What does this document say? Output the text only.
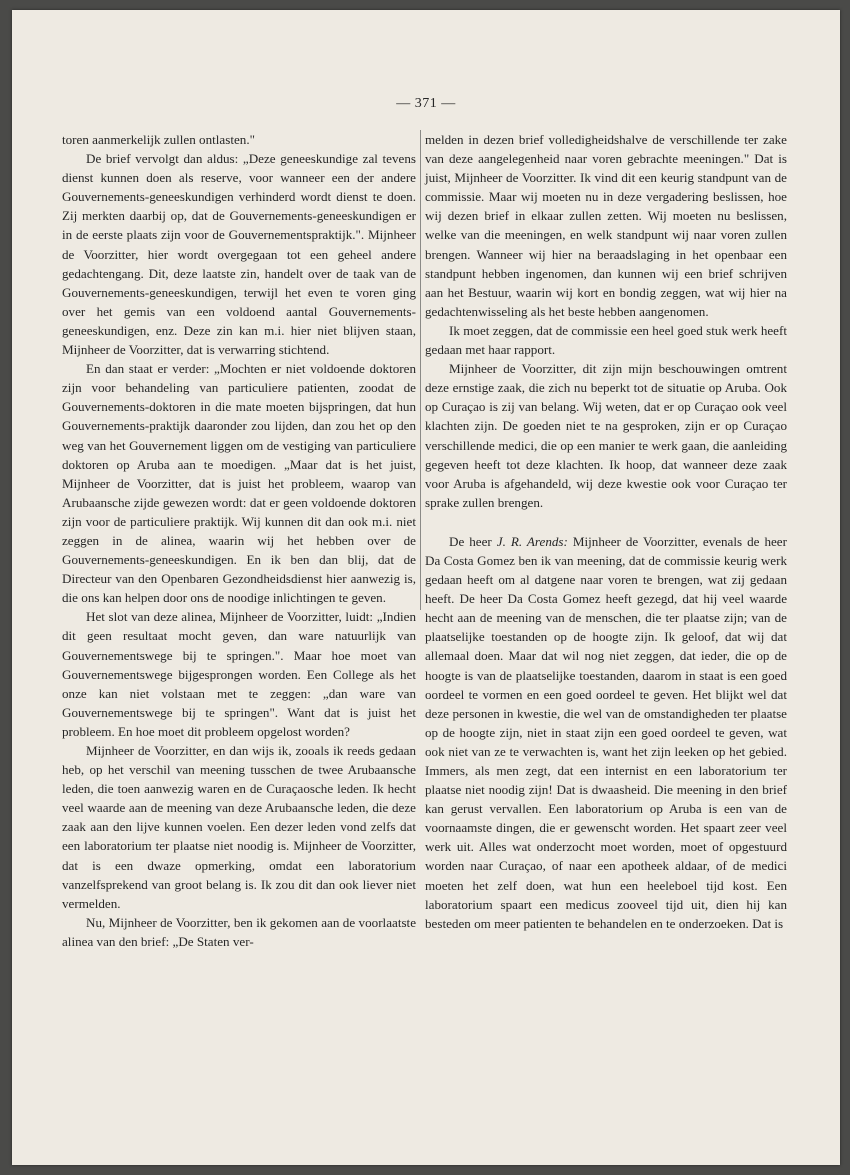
— 371 —

toren aanmerkelijk zullen ontlasten."

De brief vervolgt dan aldus: „Deze geneeskundige zal tevens dienst kunnen doen als reserve, voor wanneer een der andere Gouvernements-geneeskundigen verhinderd wordt dienst te doen. Zij merkten daarbij op, dat de Gouvernements-geneeskundigen er in de eerste plaats zijn voor de Gouvernementspraktijk.". Mijnheer de Voorzitter, hier wordt overgegaan tot een geheel andere gedachtengang. Dit, deze laatste zin, handelt over de taak van de Gouvernements-geneeskundigen, terwijl het even te voren ging over het gemis van een voldoend aantal Gouvernements-geneeskundigen, enz. Deze zin kan m.i. hier niet blijven staan, Mijnheer de Voorzitter, dat is verwarring stichtend.

En dan staat er verder: „Mochten er niet voldoende doktoren zijn voor behandeling van particuliere patienten, zoodat de Gouvernements-doktoren in die mate moeten bijspringen, dat hun Gouvernements-praktijk daaronder zou lijden, dan zou het op den weg van het Gouvernement liggen om de vestiging van particuliere doktoren op Aruba aan te moedigen. „Maar dat is het juist, Mijnheer de Voorzitter, dat is juist het probleem, waarop van Arubaansche zijde gewezen wordt: dat er geen voldoende doktoren zijn voor de particuliere praktijk. Wij kunnen dit dan ook m.i. niet zeggen in de alinea, waarin wij het hebben over de Gouvernements-geneeskundigen. En ik ben dan blij, dat de Directeur van den Openbaren Gezondheidsdienst hier aanwezig is, die ons kan helpen door ons de noodige inlichtingen te geven.

Het slot van deze alinea, Mijnheer de Voorzitter, luidt: „Indien dit geen resultaat mocht geven, dan ware natuurlijk van Gouvernementswege bij te springen.". Maar hoe moet van Gouvernementswege bijgesprongen worden. Een College als het onze kan niet volstaan met te zeggen: „dan ware van Gouvernementswege bij te springen". Want dat is juist het probleem. En hoe moet dit probleem opgelost worden?

Mijnheer de Voorzitter, en dan wijs ik, zooals ik reeds gedaan heb, op het verschil van meening tusschen de twee Arubaansche leden, die toen aanwezig waren en de Curaçaosche leden. Ik hecht veel waarde aan de meening van deze Arubaansche leden, die deze zaak aan den lijve kunnen voelen. Een dezer leden vond zelfs dat een laboratorium ter plaatse niet noodig is. Mijnheer de Voorzitter, dat is een dwaze opmerking, omdat een laboratorium vanzelfsprekend van groot belang is. Ik zou dit dan ook liever niet vermelden.

Nu, Mijnheer de Voorzitter, ben ik gekomen aan de voorlaatste alinea van den brief: „De Staten ver-

melden in dezen brief volledigheidshalve de verschillende ter zake van deze aangelegenheid naar voren gebrachte meeningen." Dat is juist, Mijnheer de Voorzitter. Ik vind dit een keurig standpunt van de commissie. Maar wij moeten nu in deze vergadering beslissen, hoe wij dezen brief in elkaar zullen zetten. Wij moeten nu beslissen, welke van die meeningen, en welk standpunt wij naar voren zullen brengen. Wanneer wij hier na beraadslaging in het openbaar een standpunt hebben ingenomen, dan kunnen wij een brief schrijven aan het Bestuur, waarin wij kort en bondig zeggen, wat wij hier na gedachtenwisseling als het beste hebben aangenomen.

Ik moet zeggen, dat de commissie een heel goed stuk werk heeft gedaan met haar rapport.

Mijnheer de Voorzitter, dit zijn mijn beschouwingen omtrent deze ernstige zaak, die zich nu beperkt tot de situatie op Aruba. Ook op Curaçao is zij van belang. Wij weten, dat er op Curaçao ook veel klachten zijn. De goeden niet te na gesproken, zijn er op Curaçao verschillende medici, die op een manier te werk gaan, die aanleiding gegeven heeft tot deze klachten. Ik hoop, dat wanneer deze zaak voor Aruba is afgehandeld, wij deze kwestie ook voor Curaçao ter sprake zullen brengen.

De heer J. R. Arends: Mijnheer de Voorzitter, evenals de heer Da Costa Gomez ben ik van meening, dat de commissie keurig werk gedaan heeft om al datgene naar voren te brengen, wat zij gedaan heeft. De heer Da Costa Gomez heeft gezegd, dat hij veel waarde hecht aan de meening van de menschen, die ter plaatse zijn; van de plaatselijke toestanden op de hoogte zijn. Ik geloof, dat wij dat allemaal doen. Maar dat wil nog niet zeggen, dat ieder, die op de hoogte is van de plaatselijke toestanden, daarom in staat is een goed oordeel te vormen en een goed oordeel te geven. Het blijkt wel dat deze personen in kwestie, die wel van de omstandigheden ter plaatse op de hoogte zijn, niet in staat zijn een goed oordeel te geven, wat ook niet van ze te verwachten is, want het zijn leeken op het gebied. Immers, als men zegt, dat een internist en een laboratorium ter plaatse niet noodig zijn! Dat is dwaasheid. Die meening in den brief kan gerust vervallen. Een laboratorium op Aruba is een van de voornaamste dingen, die er gewenscht worden. Het spaart zeer veel werk uit. Alles wat onderzocht moet worden, moet of opgestuurd worden naar Curaçao, of naar een apotheek aldaar, of de medici moeten het zelf doen, wat hun een heeleboel tijd kost. Een laboratorium spaart een medicus zooveel tijd uit, dien hij kan besteden om meer patienten te behandelen en te onderzoeken. Dat is
